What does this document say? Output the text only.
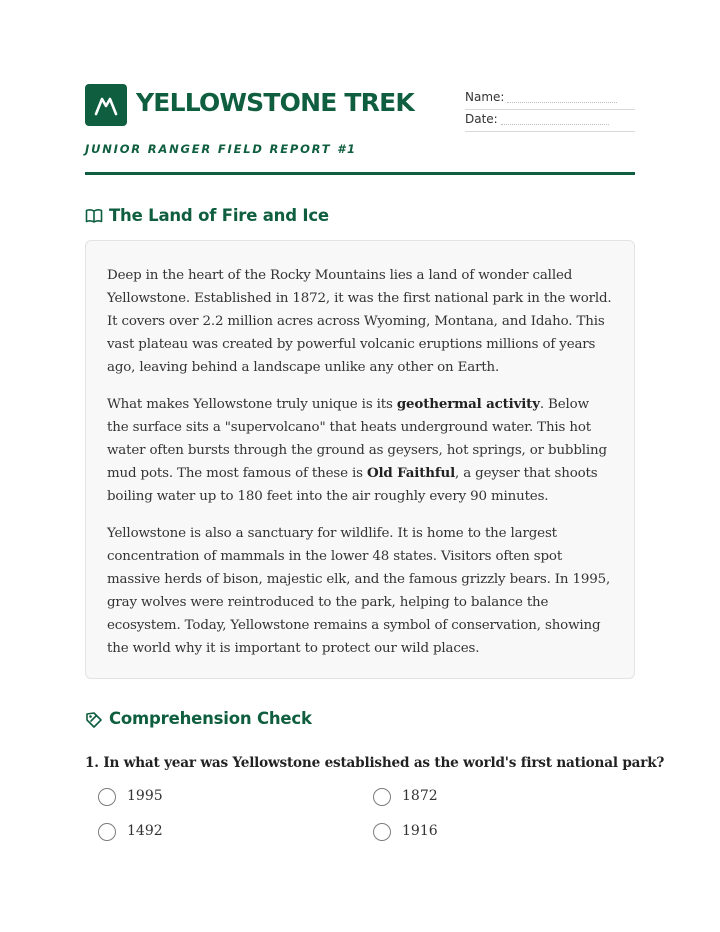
YELLOWSTONE TREK	Name:
Date:
JUNIOR RANGER FIELD REPORT #1
The Land of Fire and Ice

Deep in the heart of the Rocky Mountains lies a land of wonder called Yellowstone. Established in 1872, it was the first national park in the world. It covers over 2.2 million acres across Wyoming, Montana, and Idaho. This vast plateau was created by powerful volcanic eruptions millions of years ago, leaving behind a landscape unlike any other on Earth.

What makes Yellowstone truly unique is its geothermal activity. Below the surface sits a "supervolcano" that heats underground water. This hot water often bursts through the ground as geysers, hot springs, or bubbling mud pots. The most famous of these is Old Faithful, a geyser that shoots boiling water up to 180 feet into the air roughly every 90 minutes.

Yellowstone is also a sanctuary for wildlife. It is home to the largest concentration of mammals in the lower 48 states. Visitors often spot massive herds of bison, majestic elk, and the famous grizzly bears. In 1995, gray wolves were reintroduced to the park, helping to balance the ecosystem. Today, Yellowstone remains a symbol of conservation, showing the world why it is important to protect our wild places.

Comprehension Check
1. In what year was Yellowstone established as the world's first national park?
1995	1872
1492	1916
